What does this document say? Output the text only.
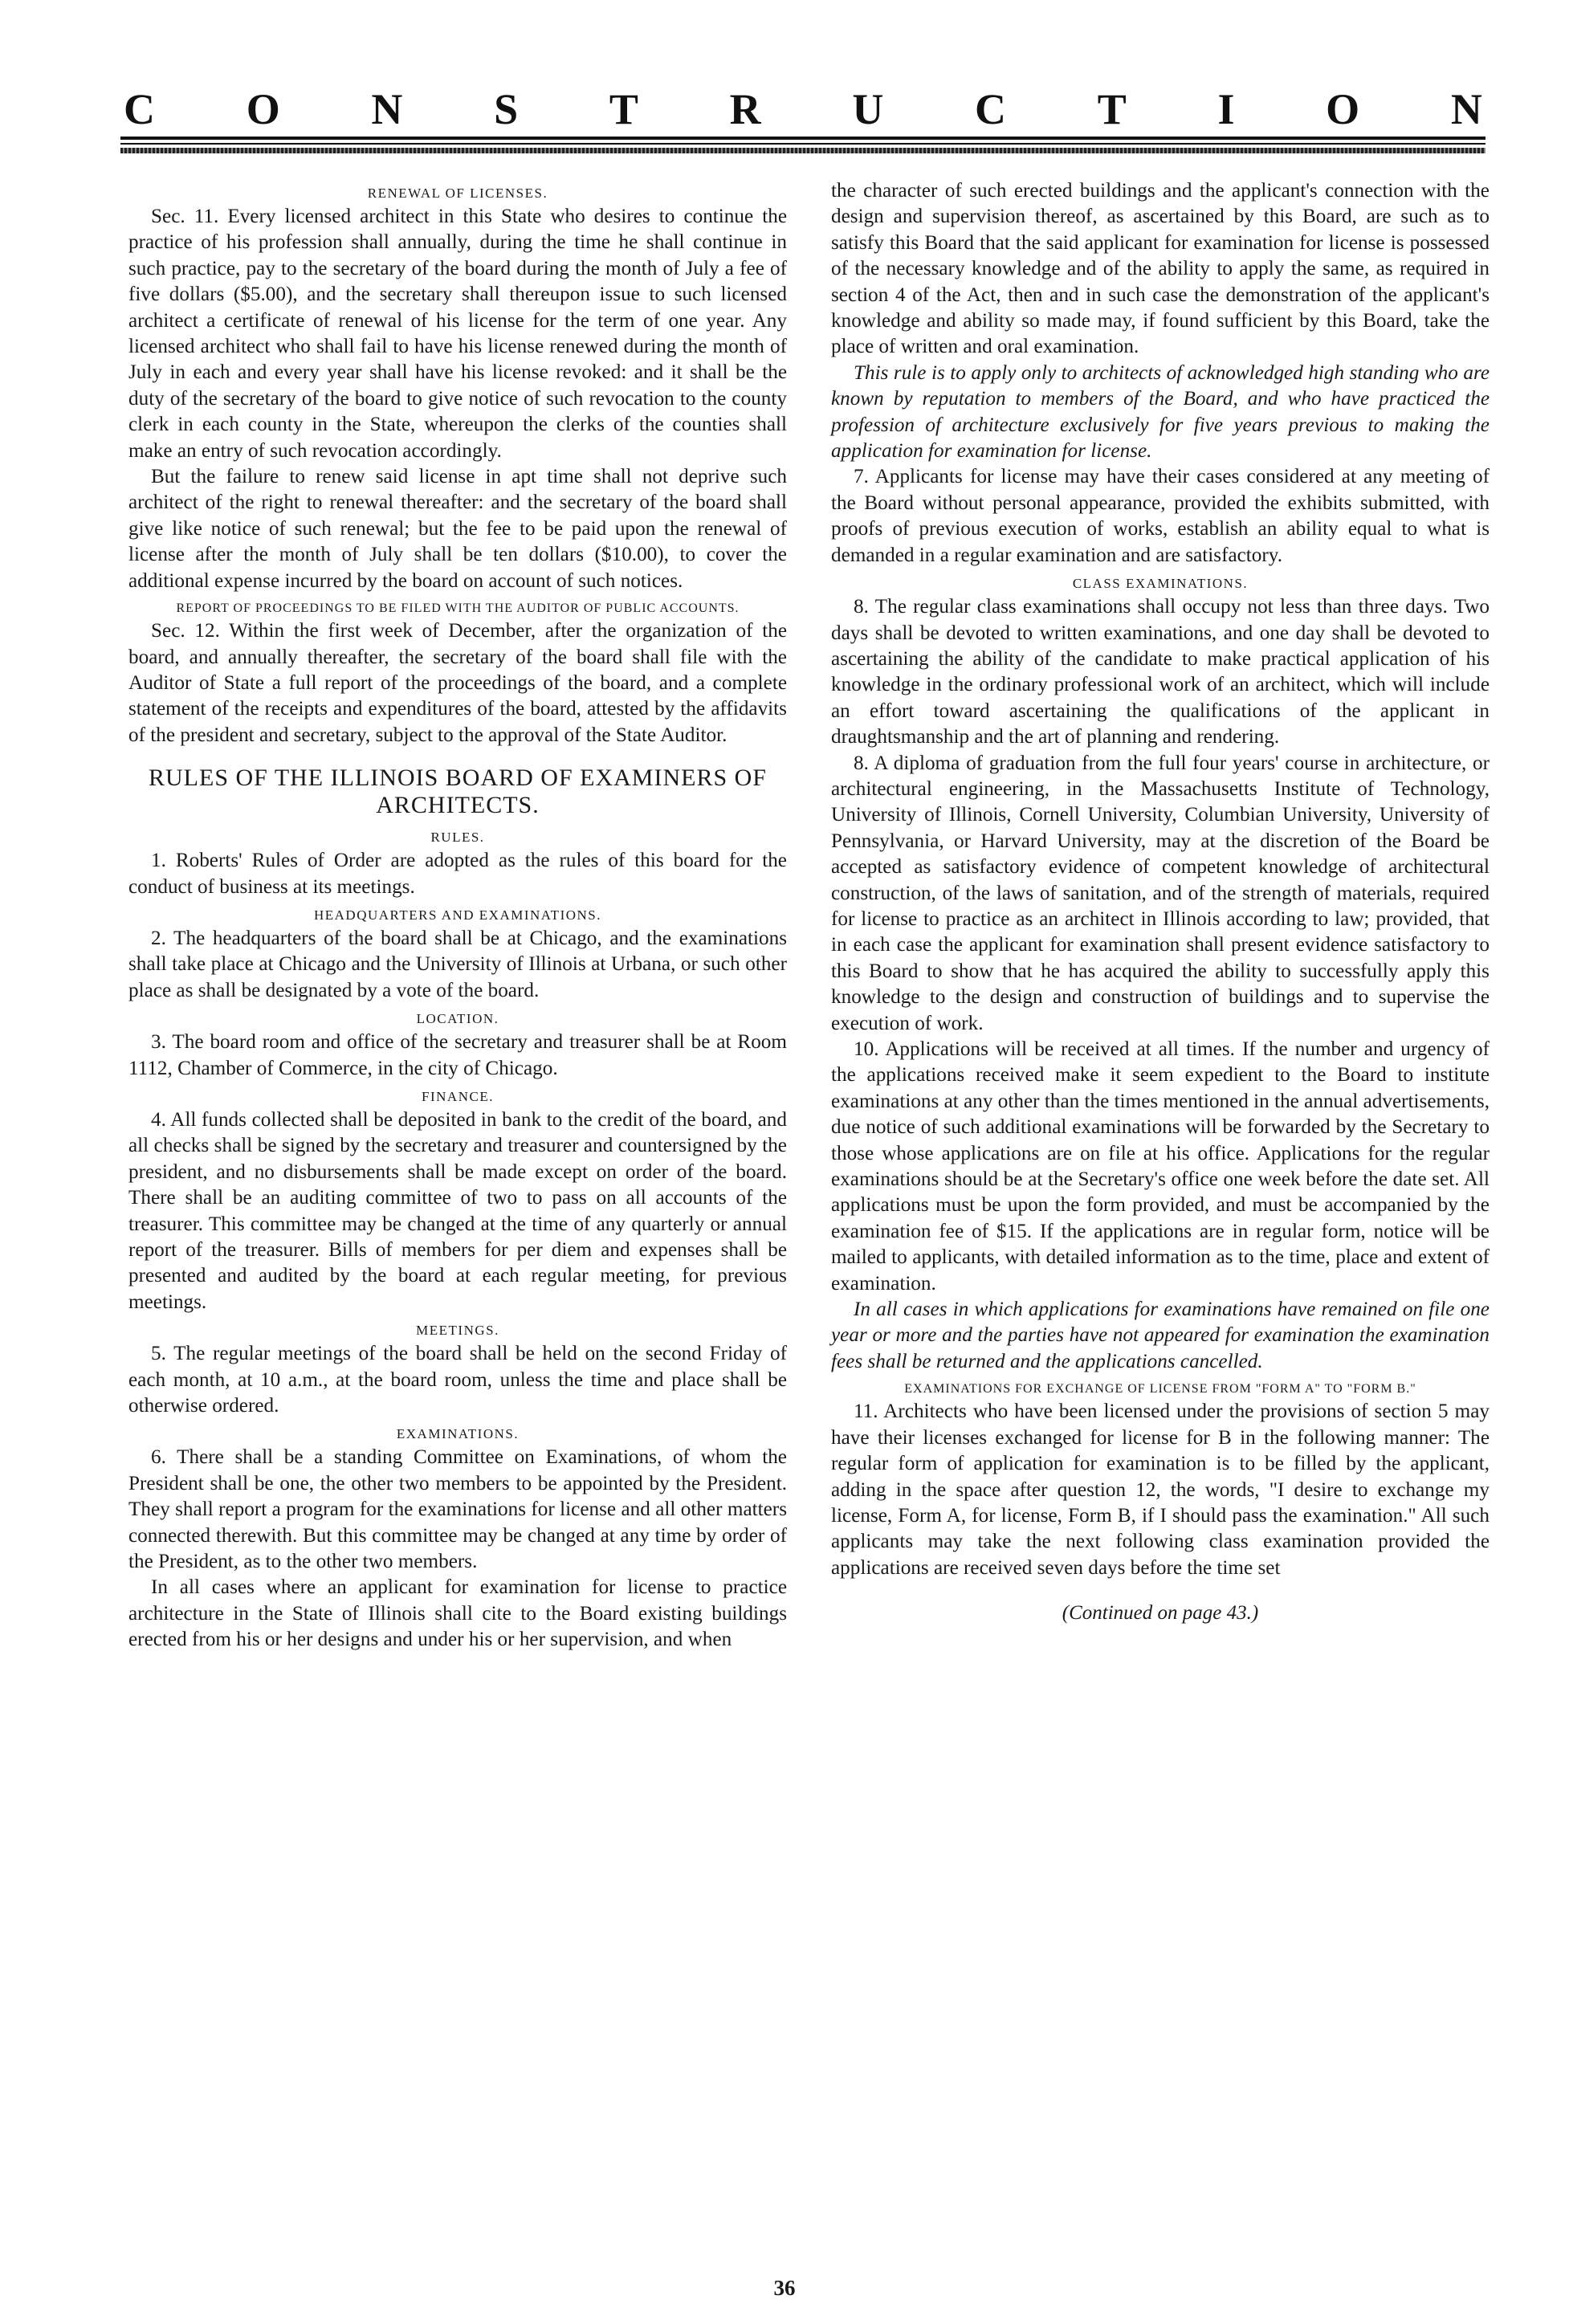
C O N S T R U C T I O N
RENEWAL OF LICENSES.

Sec. 11. Every licensed architect in this State who desires to continue the practice of his profession shall annually, during the time he shall continue in such practice, pay to the secretary of the board during the month of July a fee of five dollars ($5.00), and the secretary shall thereupon issue to such licensed architect a certificate of renewal of his license for the term of one year. Any licensed architect who shall fail to have his license renewed during the month of July in each and every year shall have his license revoked: and it shall be the duty of the secretary of the board to give notice of such revocation to the county clerk in each county in the State, whereupon the clerks of the counties shall make an entry of such revocation accordingly.

But the failure to renew said license in apt time shall not deprive such architect of the right to renewal thereafter: and the secretary of the board shall give like notice of such renewal; but the fee to be paid upon the renewal of license after the month of July shall be ten dollars ($10.00), to cover the additional expense incurred by the board on account of such notices.

REPORT OF PROCEEDINGS TO BE FILED WITH THE AUDITOR OF PUBLIC ACCOUNTS.

Sec. 12. Within the first week of December, after the organization of the board, and annually thereafter, the secretary of the board shall file with the Auditor of State a full report of the proceedings of the board, and a complete statement of the receipts and expenditures of the board, attested by the affidavits of the president and secretary, subject to the approval of the State Auditor.

RULES OF THE ILLINOIS BOARD OF EXAMINERS OF ARCHITECTS.
RULES.

1. Roberts' Rules of Order are adopted as the rules of this board for the conduct of business at its meetings.

HEADQUARTERS AND EXAMINATIONS.

2. The headquarters of the board shall be at Chicago, and the examinations shall take place at Chicago and the University of Illinois at Urbana, or such other place as shall be designated by a vote of the board.

LOCATION.

3. The board room and office of the secretary and treasurer shall be at Room 1112, Chamber of Commerce, in the city of Chicago.

FINANCE.

4. All funds collected shall be deposited in bank to the credit of the board, and all checks shall be signed by the secretary and treasurer and countersigned by the president, and no disbursements shall be made except on order of the board. There shall be an auditing committee of two to pass on all accounts of the treasurer. This committee may be changed at the time of any quarterly or annual report of the treasurer. Bills of members for per diem and expenses shall be presented and audited by the board at each regular meeting, for previous meetings.

MEETINGS.

5. The regular meetings of the board shall be held on the second Friday of each month, at 10 a.m., at the board room, unless the time and place shall be otherwise ordered.

EXAMINATIONS.

6. There shall be a standing Committee on Examinations, of whom the President shall be one, the other two members to be appointed by the President. They shall report a program for the examinations for license and all other matters connected therewith. But this committee may be changed at any time by order of the President, as to the other two members.

In all cases where an applicant for examination for license to practice architecture in the State of Illinois shall cite to the Board existing buildings erected from his or her designs and under his or her supervision, and when

the character of such erected buildings and the applicant's connection with the design and supervision thereof, as ascertained by this Board, are such as to satisfy this Board that the said applicant for examination for license is possessed of the necessary knowledge and of the ability to apply the same, as required in section 4 of the Act, then and in such case the demonstration of the applicant's knowledge and ability so made may, if found sufficient by this Board, take the place of written and oral examination.

This rule is to apply only to architects of acknowledged high standing who are known by reputation to members of the Board, and who have practiced the profession of architecture exclusively for five years previous to making the application for examination for license.

7. Applicants for license may have their cases considered at any meeting of the Board without personal appearance, provided the exhibits submitted, with proofs of previous execution of works, establish an ability equal to what is demanded in a regular examination and are satisfactory.

CLASS EXAMINATIONS.

8. The regular class examinations shall occupy not less than three days. Two days shall be devoted to written examinations, and one day shall be devoted to ascertaining the ability of the candidate to make practical application of his knowledge in the ordinary professional work of an architect, which will include an effort toward ascertaining the qualifications of the applicant in draughtsmanship and the art of planning and rendering.

8. A diploma of graduation from the full four years' course in architecture, or architectural engineering, in the Massachusetts Institute of Technology, University of Illinois, Cornell University, Columbian University, University of Pennsylvania, or Harvard University, may at the discretion of the Board be accepted as satisfactory evidence of competent knowledge of architectural construction, of the laws of sanitation, and of the strength of materials, required for license to practice as an architect in Illinois according to law; provided, that in each case the applicant for examination shall present evidence satisfactory to this Board to show that he has acquired the ability to successfully apply this knowledge to the design and construction of buildings and to supervise the execution of work.

10. Applications will be received at all times. If the number and urgency of the applications received make it seem expedient to the Board to institute examinations at any other than the times mentioned in the annual advertisements, due notice of such additional examinations will be forwarded by the Secretary to those whose applications are on file at his office. Applications for the regular examinations should be at the Secretary's office one week before the date set. All applications must be upon the form provided, and must be accompanied by the examination fee of $15. If the applications are in regular form, notice will be mailed to applicants, with detailed information as to the time, place and extent of examination.

In all cases in which applications for examinations have remained on file one year or more and the parties have not appeared for examination the examination fees shall be returned and the applications cancelled.

EXAMINATIONS FOR EXCHANGE OF LICENSE FROM "FORM A" TO "FORM B."

11. Architects who have been licensed under the provisions of section 5 may have their licenses exchanged for license for B in the following manner: The regular form of application for examination is to be filled by the applicant, adding in the space after question 12, the words, "I desire to exchange my license, Form A, for license, Form B, if I should pass the examination." All such applicants may take the next following class examination provided the applications are received seven days before the time set

(Continued on page 43.)
36
